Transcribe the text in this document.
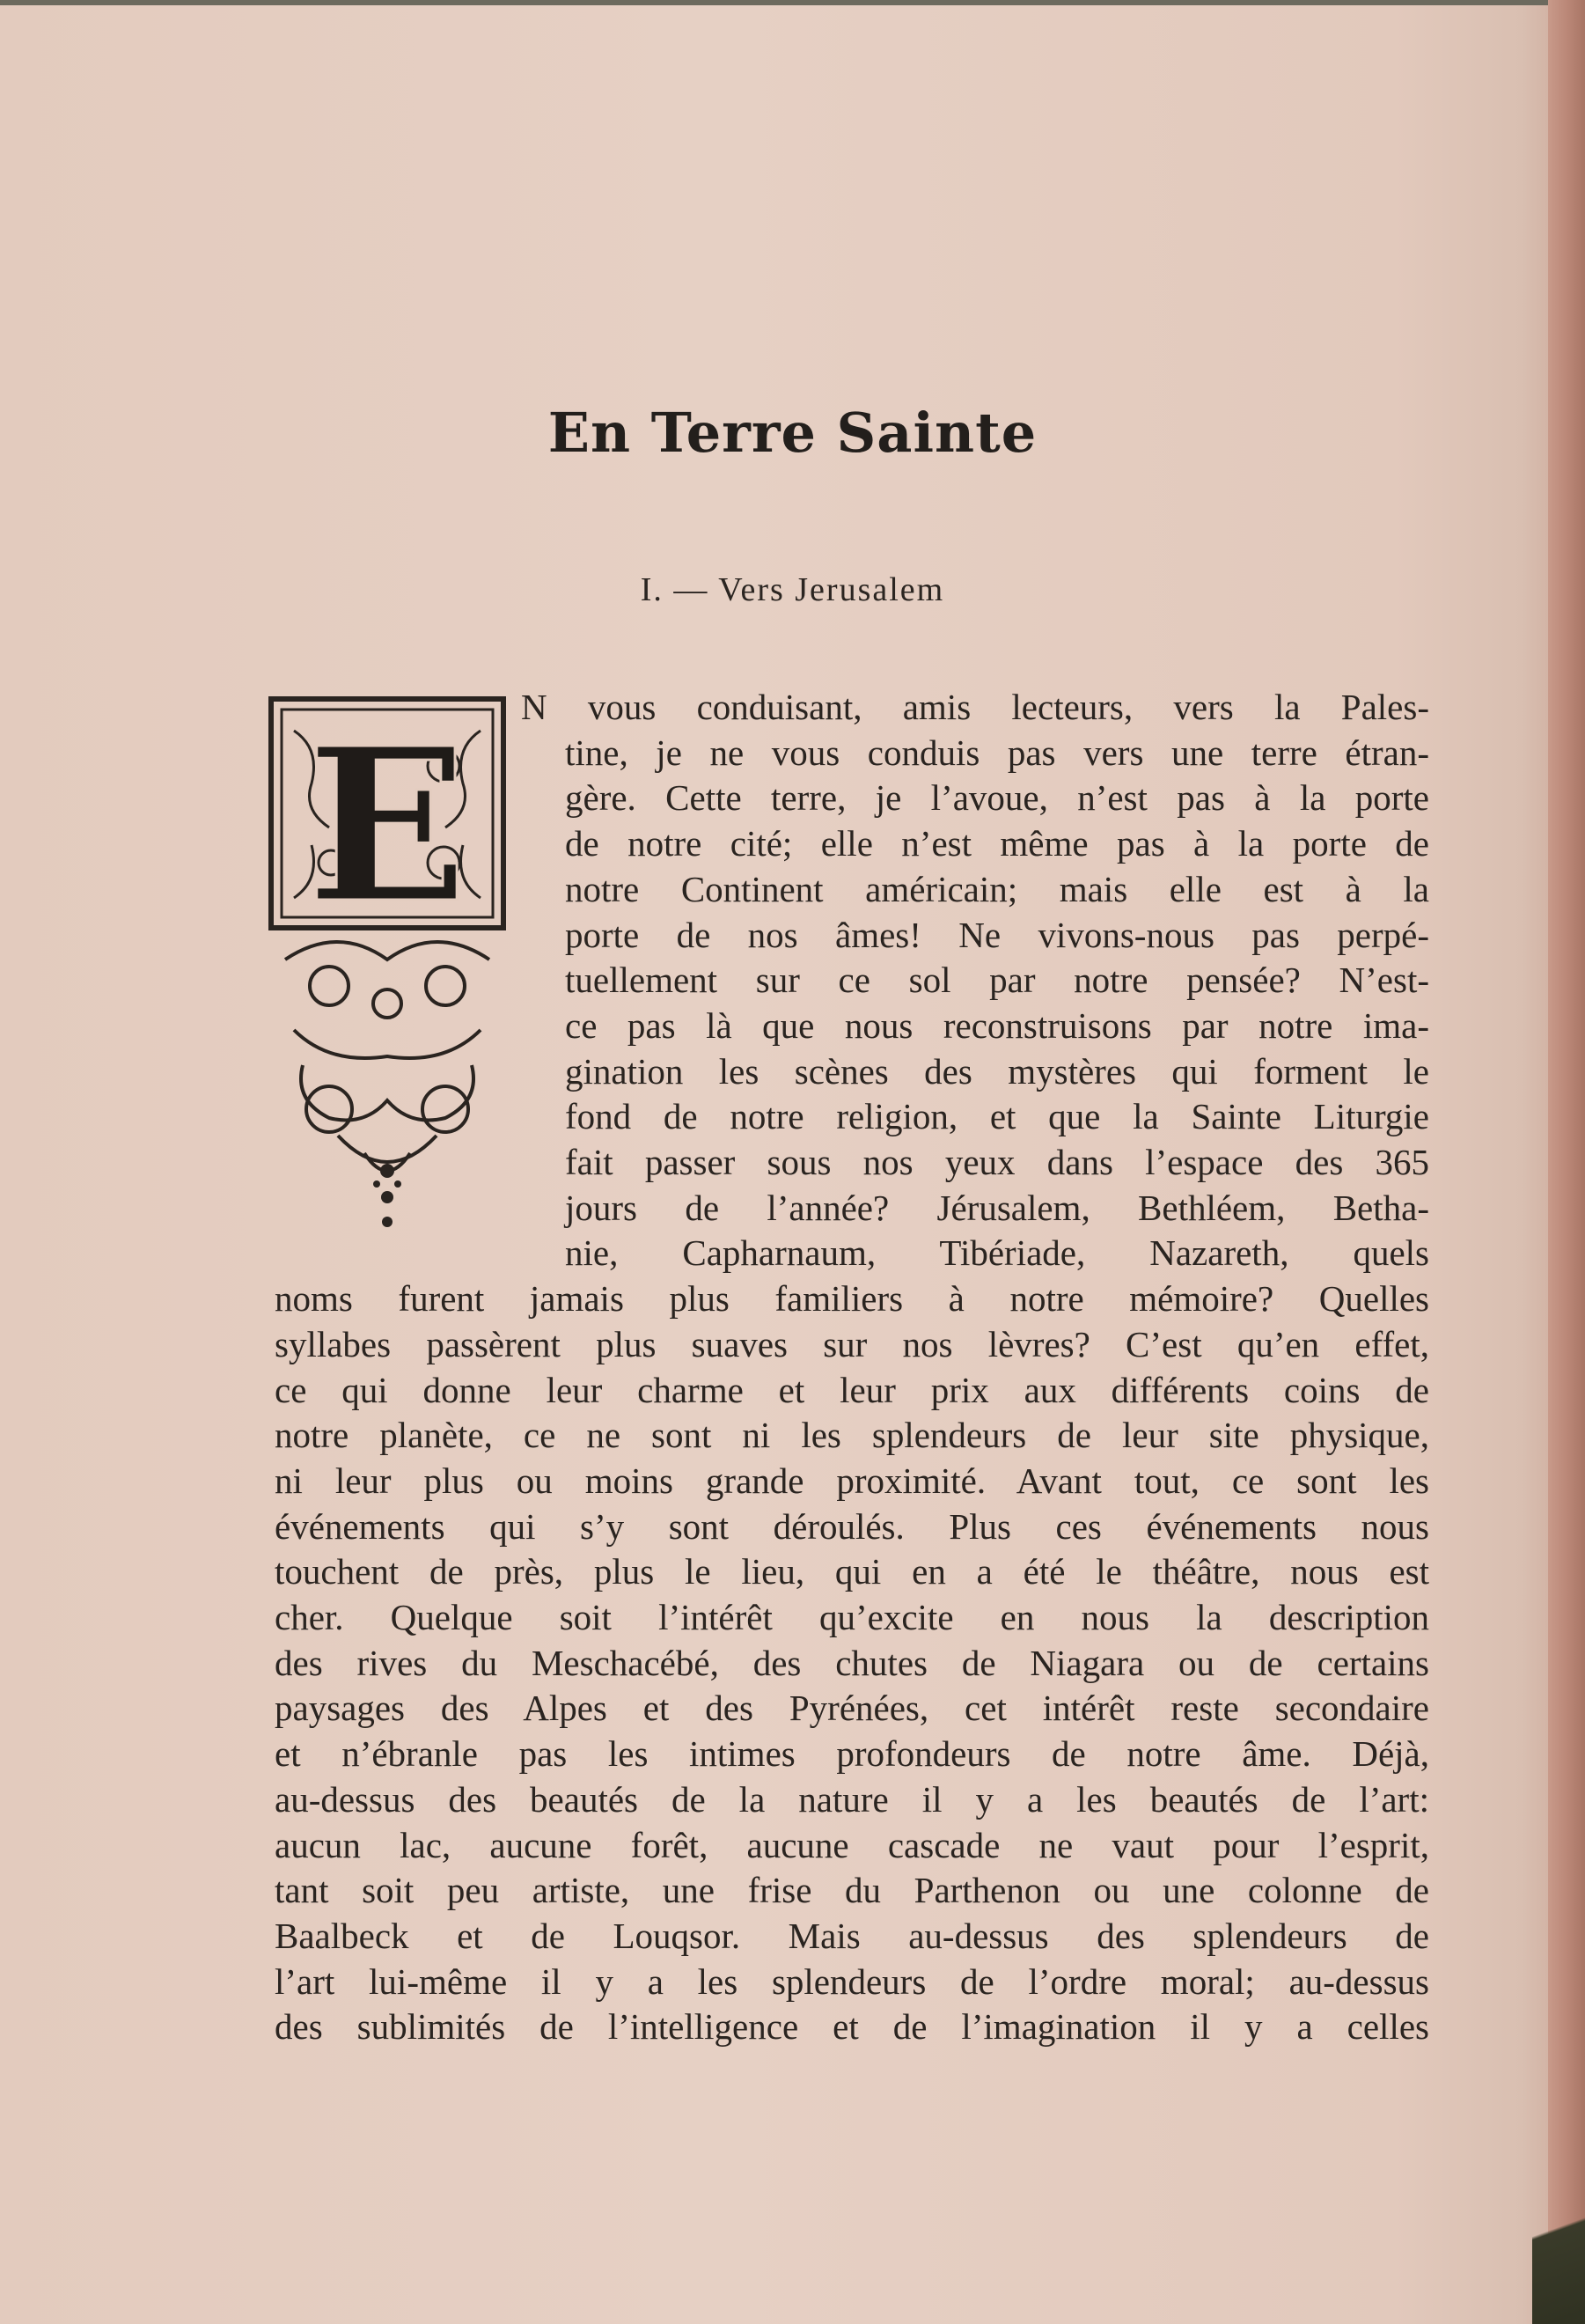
En Terre Sainte
I. — Vers Jerusalem
E	N vous conduisant, amis lecteurs, vers la Pales-
tine, je ne vous conduis pas vers une terre étran-
gère. Cette terre, je l’avoue, n’est pas à la porte
de notre cité; elle n’est même pas à la porte de
notre Continent américain; mais elle est à la
porte de nos âmes! Ne vivons-nous pas perpé-
tuellement sur ce sol par notre pensée? N’est-
ce pas là que nous reconstruisons par notre ima-
gination les scènes des mystères qui forment le
fond de notre religion, et que la Sainte Liturgie
fait passer sous nos yeux dans l’espace des 365
jours de l’année? Jérusalem, Bethléem, Betha-
nie, Capharnaum, Tibériade, Nazareth, quels
noms furent jamais plus familiers à notre mémoire? Quelles
syllabes passèrent plus suaves sur nos lèvres? C’est qu’en effet,
ce qui donne leur charme et leur prix aux différents coins de
notre planète, ce ne sont ni les splendeurs de leur site physique,
ni leur plus ou moins grande proximité. Avant tout, ce sont les
événements qui s’y sont déroulés. Plus ces événements nous
touchent de près, plus le lieu, qui en a été le théâtre, nous est
cher. Quelque soit l’intérêt qu’excite en nous la description
des rives du Meschacébé, des chutes de Niagara ou de certains
paysages des Alpes et des Pyrénées, cet intérêt reste secondaire
et n’ébranle pas les intimes profondeurs de notre âme. Déjà,
au-dessus des beautés de la nature il y a les beautés de l’art:
aucun lac, aucune forêt, aucune cascade ne vaut pour l’esprit,
tant soit peu artiste, une frise du Parthenon ou une colonne de
Baalbeck et de Louqsor. Mais au-dessus des splendeurs de
l’art lui-même il y a les splendeurs de l’ordre moral; au-dessus
des sublimités de l’intelligence et de l’imagination il y a celles
